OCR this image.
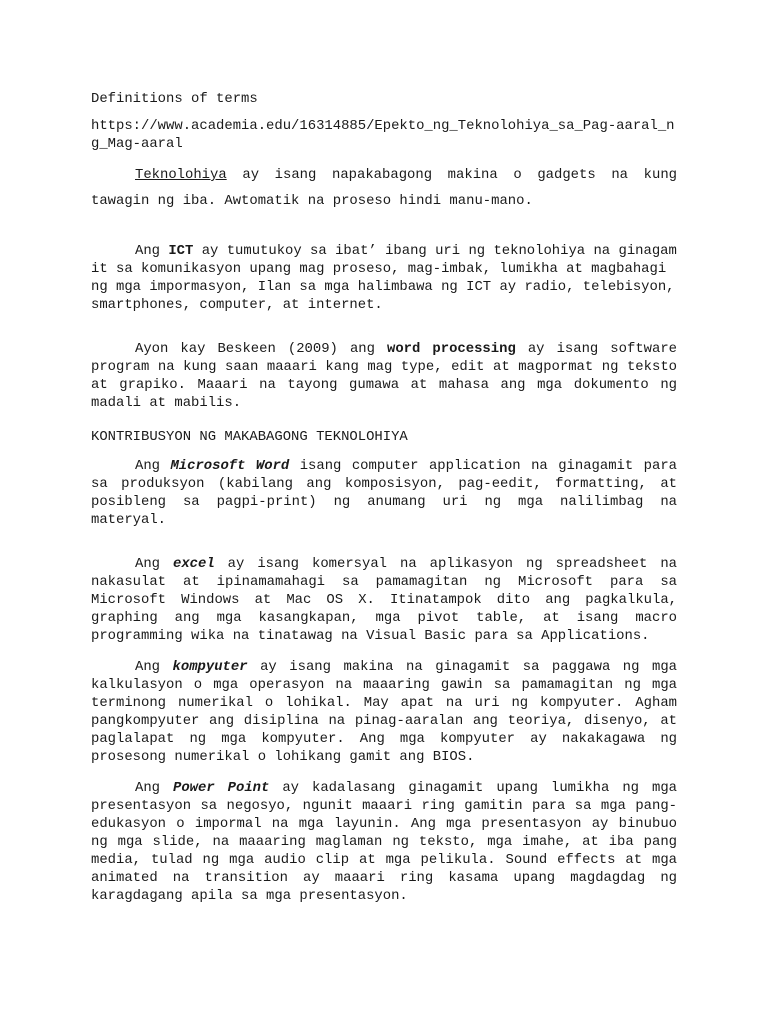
Definitions of terms

https://www.academia.edu/16314885/Epekto_ng_Teknolohiya_sa_Pag-aaral_ng_Mag-aaral

Teknolohiya ay isang napakabagong makina o gadgets na kung tawagin ng iba. Awtomatik na proseso hindi manu-mano.

Ang ICT ay tumutukoy sa ibat’ ibang uri ng teknolohiya na ginagam it sa komunikasyon upang mag proseso, mag-imbak, lumikha at magbahagi ng mga impormasyon, Ilan sa mga halimbawa ng ICT ay radio, telebisyon, smartphones, computer, at internet.

Ayon kay Beskeen (2009) ang word processing ay isang software program na kung saan maaari kang mag type, edit at magpormat ng teksto at grapiko. Maaari na tayong gumawa at mahasa ang mga dokumento ng madali at mabilis.

KONTRIBUSYON NG MAKABAGONG TEKNOLOHIYA

Ang Microsoft Word isang computer application na ginagamit para sa produksyon (kabilang ang komposisyon, pag-eedit, formatting, at posibleng sa pagpi-print) ng anumang uri ng mga nalilimbag na materyal.

Ang excel ay isang komersyal na aplikasyon ng spreadsheet na nakasulat at ipinamamahagi sa pamamagitan ng Microsoft para sa Microsoft Windows at Mac OS X. Itinatampok dito ang pagkalkula, graphing ang mga kasangkapan, mga pivot table, at isang macro programming wika na tinatawag na Visual Basic para sa Applications.

Ang kompyuter ay isang makina na ginagamit sa paggawa ng mga kalkulasyon o mga operasyon na maaaring gawin sa pamamagitan ng mga terminong numerikal o lohikal. May apat na uri ng kompyuter. Agham pangkompyuter ang disiplina na pinag-aaralan ang teoriya, disenyo, at paglalapat ng mga kompyuter. Ang mga kompyuter ay nakakagawa ng prosesong numerikal o lohikang gamit ang BIOS.

Ang Power Point ay kadalasang ginagamit upang lumikha ng mga presentasyon sa negosyo, ngunit maaari ring gamitin para sa mga pang-edukasyon o impormal na mga layunin. Ang mga presentasyon ay binubuo ng mga slide, na maaaring maglaman ng teksto, mga imahe, at iba pang media, tulad ng mga audio clip at mga pelikula. Sound effects at mga animated na transition ay maaari ring kasama upang magdagdag ng karagdagang apila sa mga presentasyon.
